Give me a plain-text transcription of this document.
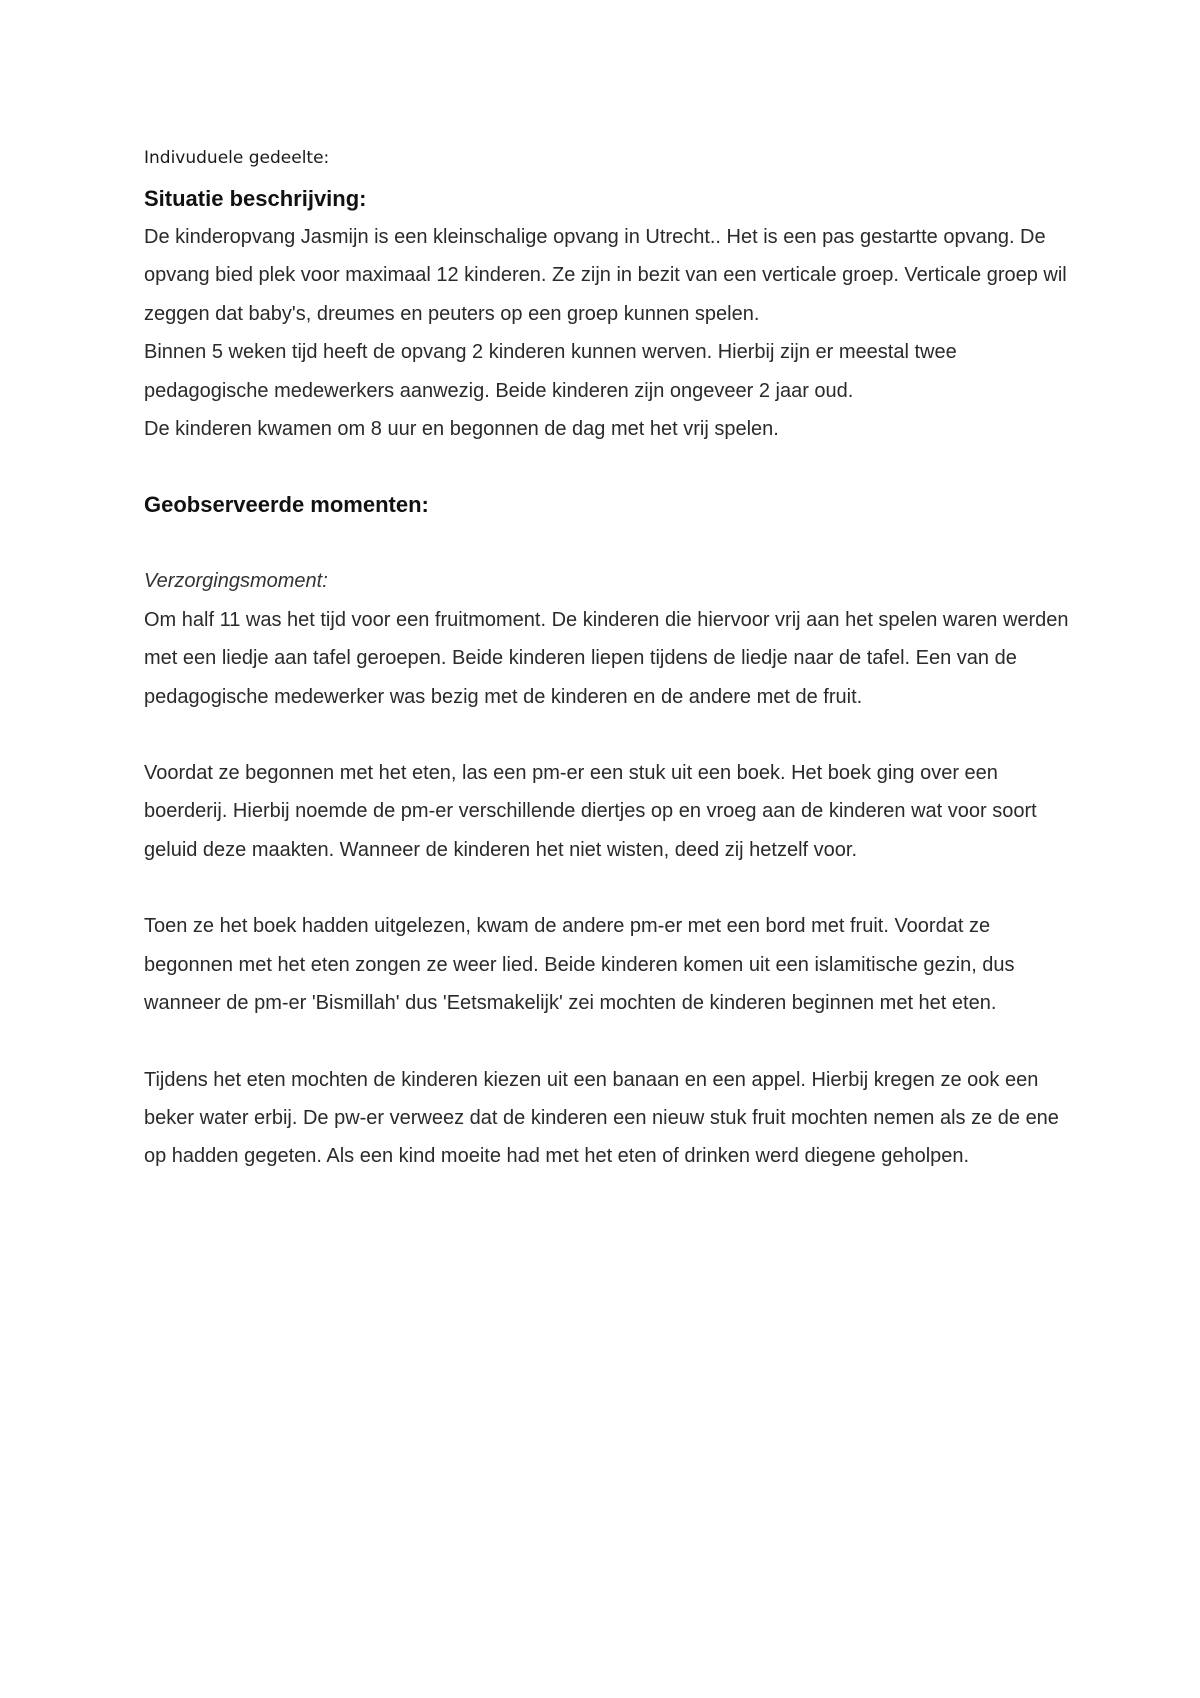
Indivuduele gedeelte:

Situatie beschrijving:

De kinderopvang Jasmijn is een kleinschalige opvang in Utrecht.. Het is een pas gestartte opvang. De opvang bied plek voor maximaal 12 kinderen. Ze zijn in bezit van een verticale groep. Verticale groep wil zeggen dat baby's, dreumes en peuters op een groep kunnen spelen.

Binnen 5 weken tijd heeft de opvang 2 kinderen kunnen werven. Hierbij zijn er meestal twee pedagogische medewerkers aanwezig. Beide kinderen zijn ongeveer 2 jaar oud.

De kinderen kwamen om 8 uur en begonnen de dag met het vrij spelen.

Geobserveerde momenten:

Verzorgingsmoment:

Om half 11 was het tijd voor een fruitmoment. De kinderen die hiervoor vrij aan het spelen waren werden met een liedje aan tafel geroepen. Beide kinderen liepen tijdens de liedje naar de tafel. Een van de pedagogische medewerker was bezig met de kinderen en de andere met de fruit.

Voordat ze begonnen met het eten, las een pm-er een stuk uit een boek. Het boek ging over een boerderij. Hierbij noemde de pm-er verschillende diertjes op en vroeg aan de kinderen wat voor soort geluid deze maakten. Wanneer de kinderen het niet wisten, deed zij hetzelf voor.

Toen ze het boek hadden uitgelezen, kwam de andere pm-er met een bord met fruit. Voordat ze begonnen met het eten zongen ze weer lied. Beide kinderen komen uit een islamitische gezin, dus wanneer de pm-er 'Bismillah' dus 'Eetsmakelijk' zei mochten de kinderen beginnen met het eten.

Tijdens het eten mochten de kinderen kiezen uit een banaan en een appel. Hierbij kregen ze ook een beker water erbij. De pw-er verweez dat de kinderen een nieuw stuk fruit mochten nemen als ze de ene op hadden gegeten. Als een kind moeite had met het eten of drinken werd diegene geholpen.
